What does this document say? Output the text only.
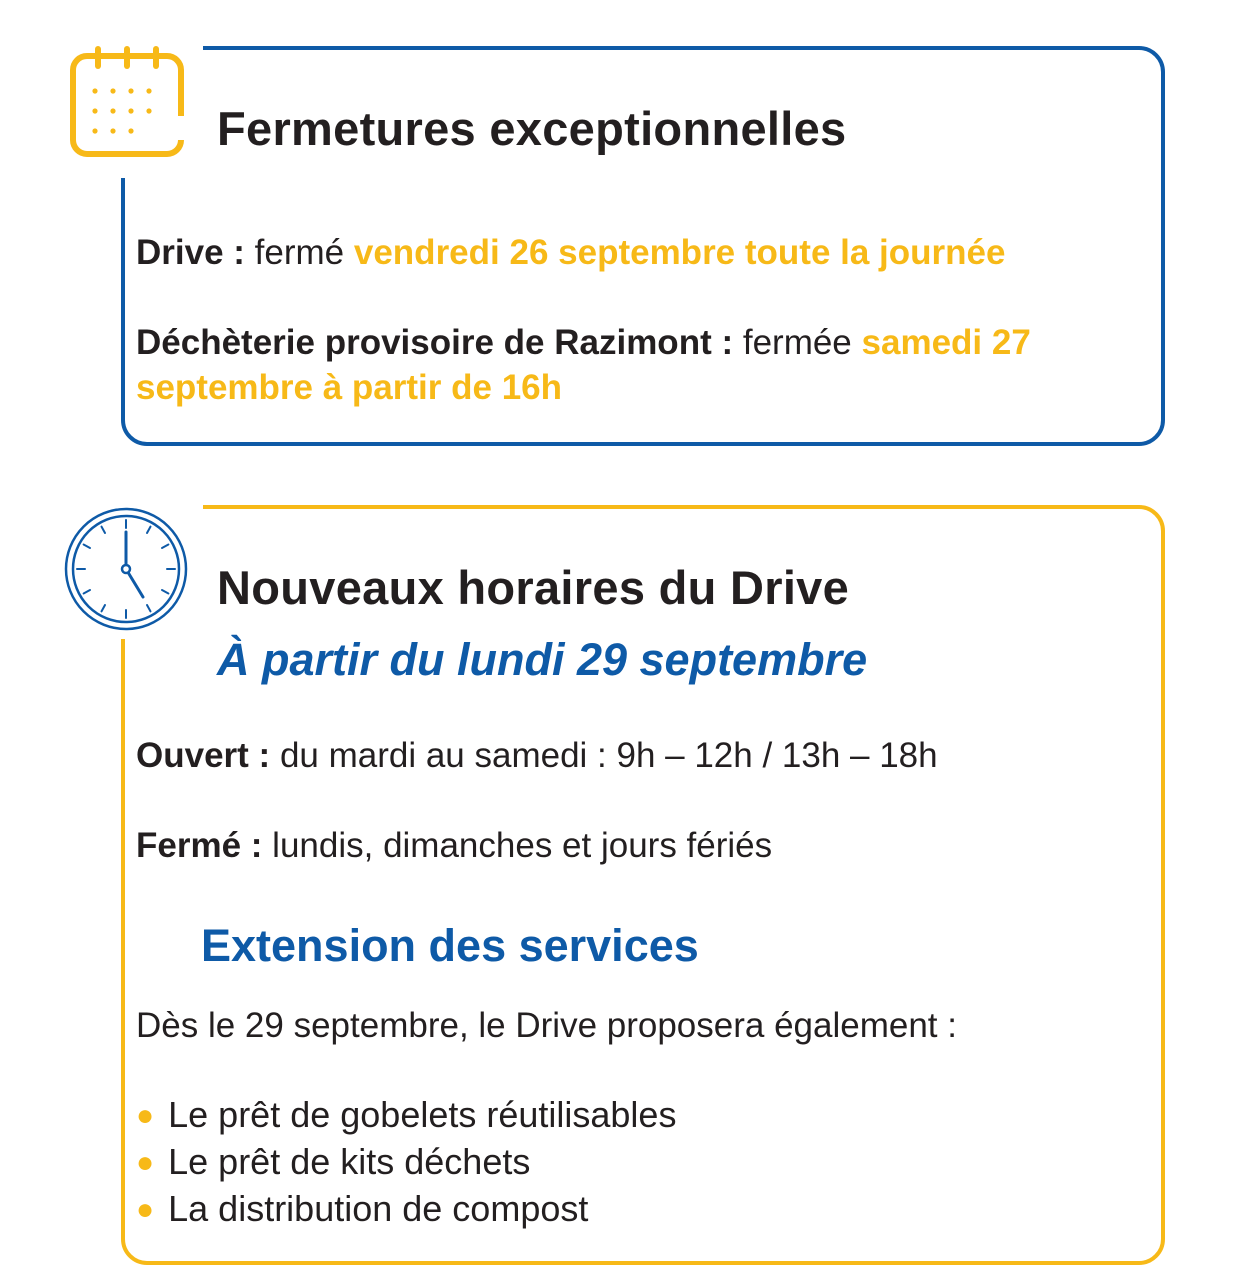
Fermetures exceptionnelles
Drive : fermé vendredi 26 septembre toute la journée
Déchèterie provisoire de Razimont : fermée samedi 27
septembre à partir de 16h
Nouveaux horaires du Drive
À partir du lundi 29 septembre
Ouvert : du mardi au samedi : 9h – 12h / 13h – 18h
Fermé : lundis, dimanches et jours fériés
Extension des services
Dès le 29 septembre, le Drive proposera également :
● Le prêt de gobelets réutilisables
● Le prêt de kits déchets
● La distribution de compost
